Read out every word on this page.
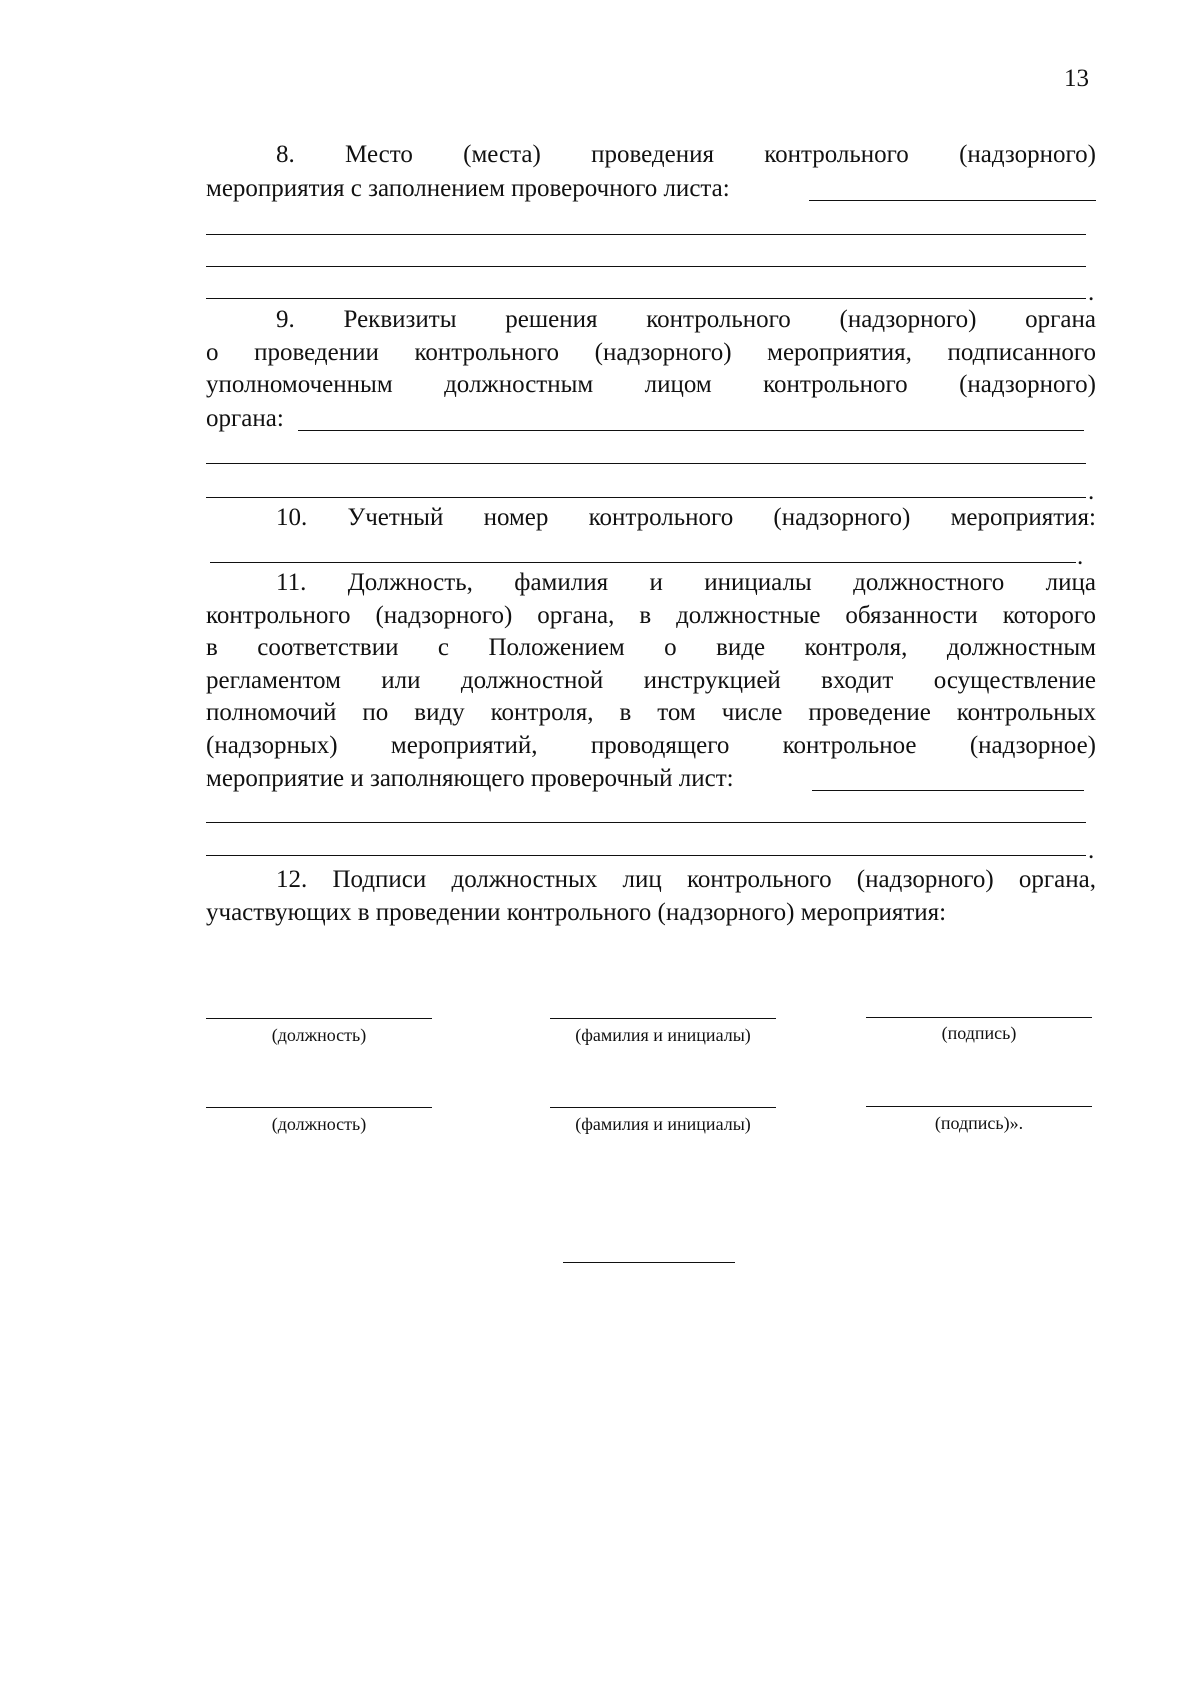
13
8. Место (места) проведения контрольного (надзорного)
мероприятия с заполнением проверочного листа:
.
9. Реквизиты решения контрольного (надзорного) органа
о проведении контрольного (надзорного) мероприятия, подписанного
уполномоченным должностным лицом контрольного (надзорного)
органа:
.
10. Учетный номер контрольного (надзорного) мероприятия:
.
11. Должность, фамилия и инициалы должностного лица
контрольного (надзорного) органа, в должностные обязанности которого
в соответствии с Положением о виде контроля, должностным
регламентом или должностной инструкцией входит осуществление
полномочий по виду контроля, в том числе проведение контрольных
(надзорных) мероприятий, проводящего контрольное (надзорное)
мероприятие и заполняющего проверочный лист:
.
12. Подписи должностных лиц контрольного (надзорного) органа,
участвующих в проведении контрольного (надзорного) мероприятия:
(должность)	(фамилия и инициалы)	(подпись)
(должность)	(фамилия и инициалы)	(подпись)».
